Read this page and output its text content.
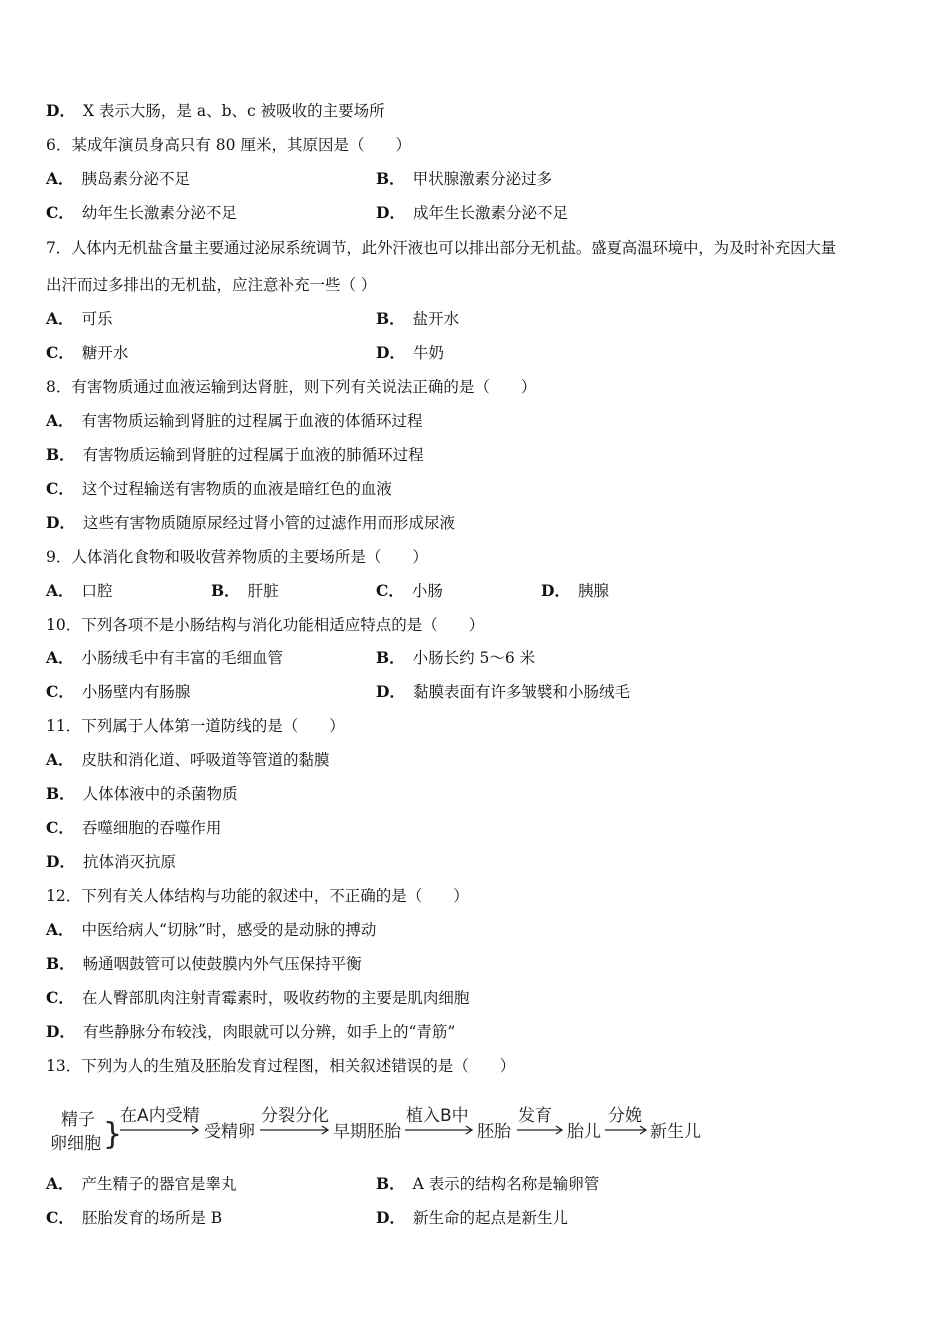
D． X 表示大肠，是 a、b、c 被吸收的主要场所
6．某成年演员身高只有 80 厘米，其原因是（　　）
A． 胰岛素分泌不足	B． 甲状腺激素分泌过多
C． 幼年生长激素分泌不足	D． 成年生长激素分泌不足
7．人体内无机盐含量主要通过泌尿系统调节，此外汗液也可以排出部分无机盐。盛夏高温环境中，为及时补充因大量
出汗而过多排出的无机盐，应注意补充一些（ ）
A． 可乐	B． 盐开水
C． 糖开水	D． 牛奶
8．有害物质通过血液运输到达肾脏，则下列有关说法正确的是（　　）
A． 有害物质运输到肾脏的过程属于血液的体循环过程
B． 有害物质运输到肾脏的过程属于血液的肺循环过程
C． 这个过程输送有害物质的血液是暗红色的血液
D． 这些有害物质随原尿经过肾小管的过滤作用而形成尿液
9．人体消化食物和吸收营养物质的主要场所是（　　）
A． 口腔	B． 肝脏	C． 小肠	D． 胰腺
10．下列各项不是小肠结构与消化功能相适应特点的是（　　）
A． 小肠绒毛中有丰富的毛细血管	B． 小肠长约 5～6 米
C． 小肠壁内有肠腺	D． 黏膜表面有许多皱襞和小肠绒毛
11．下列属于人体第一道防线的是（　　）
A． 皮肤和消化道、呼吸道等管道的黏膜
B． 人体体液中的杀菌物质
C． 吞噬细胞的吞噬作用
D． 抗体消灭抗原
12．下列有关人体结构与功能的叙述中，不正确的是（　　）
A． 中医给病人“切脉”时，感受的是动脉的搏动
B． 畅通咽鼓管可以使鼓膜内外气压保持平衡
C． 在人臀部肌肉注射青霉素时，吸收药物的主要是肌肉细胞
D． 有些静脉分布较浅，肉眼就可以分辨，如手上的“青筋”
13．下列为人的生殖及胚胎发育过程图，相关叙述错误的是（　　）
精子
卵细胞 }
在A内受精
受精卵
分裂分化
早期胚胎
植入B中
胚胎
发育
胎儿
分娩
新生儿
A． 产生精子的器官是睾丸	B． A 表示的结构名称是输卵管
C． 胚胎发育的场所是 B	D． 新生命的起点是新生儿
